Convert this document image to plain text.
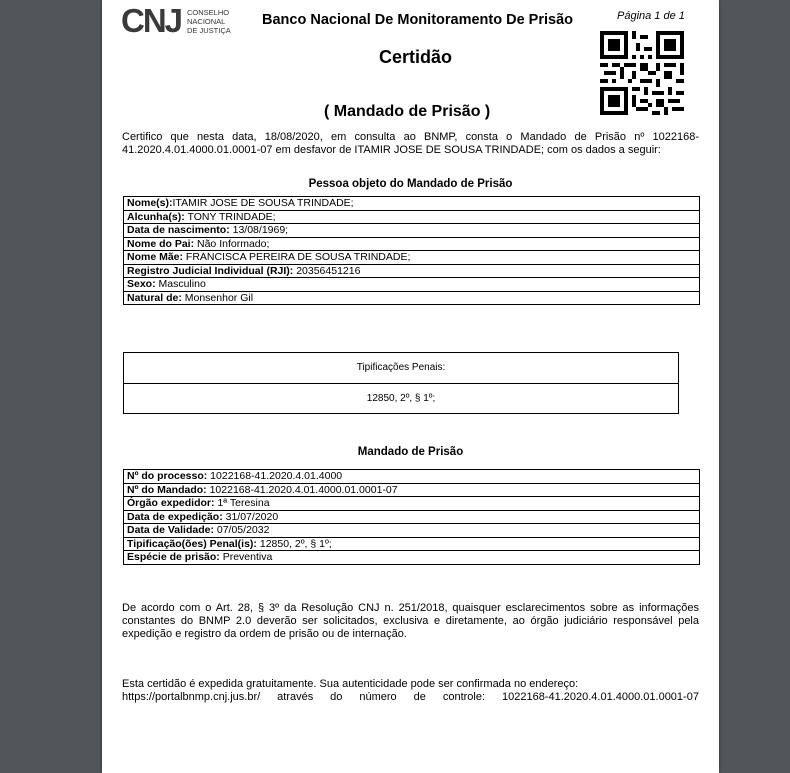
CNJ CONSELHO
NACIONAL
DE JUSTIÇA
Banco Nacional De Monitoramento De Prisão	Página 1 de 1
Certidão
( Mandado de Prisão )
Certifico que nesta data, 18/08/2020, em consulta ao BNMP, consta o Mandado de Prisão nº 1022168-41.2020.4.01.4000.01.0001-07 em desfavor de ITAMIR JOSE DE SOUSA TRINDADE; com os dados a seguir:
Pessoa objeto do Mandado de Prisão
Nome(s):ITAMIR JOSE DE SOUSA TRINDADE;
Alcunha(s): TONY TRINDADE;
Data de nascimento: 13/08/1969;
Nome do Pai: Não Informado;
Nome Mãe: FRANCISCA PEREIRA DE SOUSA TRINDADE;
Registro Judicial Individual (RJI): 20356451216
Sexo: Masculino
Natural de: Monsenhor Gil
Tipificações Penais:
12850, 2º, § 1º;
Mandado de Prisão
Nº do processo: 1022168-41.2020.4.01.4000
Nº do Mandado: 1022168-41.2020.4.01.4000.01.0001-07
Órgão expedidor: 1ª Teresina
Data de expedição: 31/07/2020
Data de Validade: 07/05/2032
Tipificação(ões) Penal(is): 12850, 2º, § 1º;
Espécie de prisão: Preventiva
De acordo com o Art. 28, § 3º da Resolução CNJ n. 251/2018, quaisquer esclarecimentos sobre as informações constantes do BNMP 2.0 deverão ser solicitados, exclusiva e diretamente, ao órgão judiciário responsável pela expedição e registro da ordem de prisão ou de internação.
Esta certidão é expedida gratuitamente. Sua autenticidade pode ser confirmada no endereço:
https://portalbnmp.cnj.jus.br/ através do número de controle: 1022168-41.2020.4.01.4000.01.0001-07
